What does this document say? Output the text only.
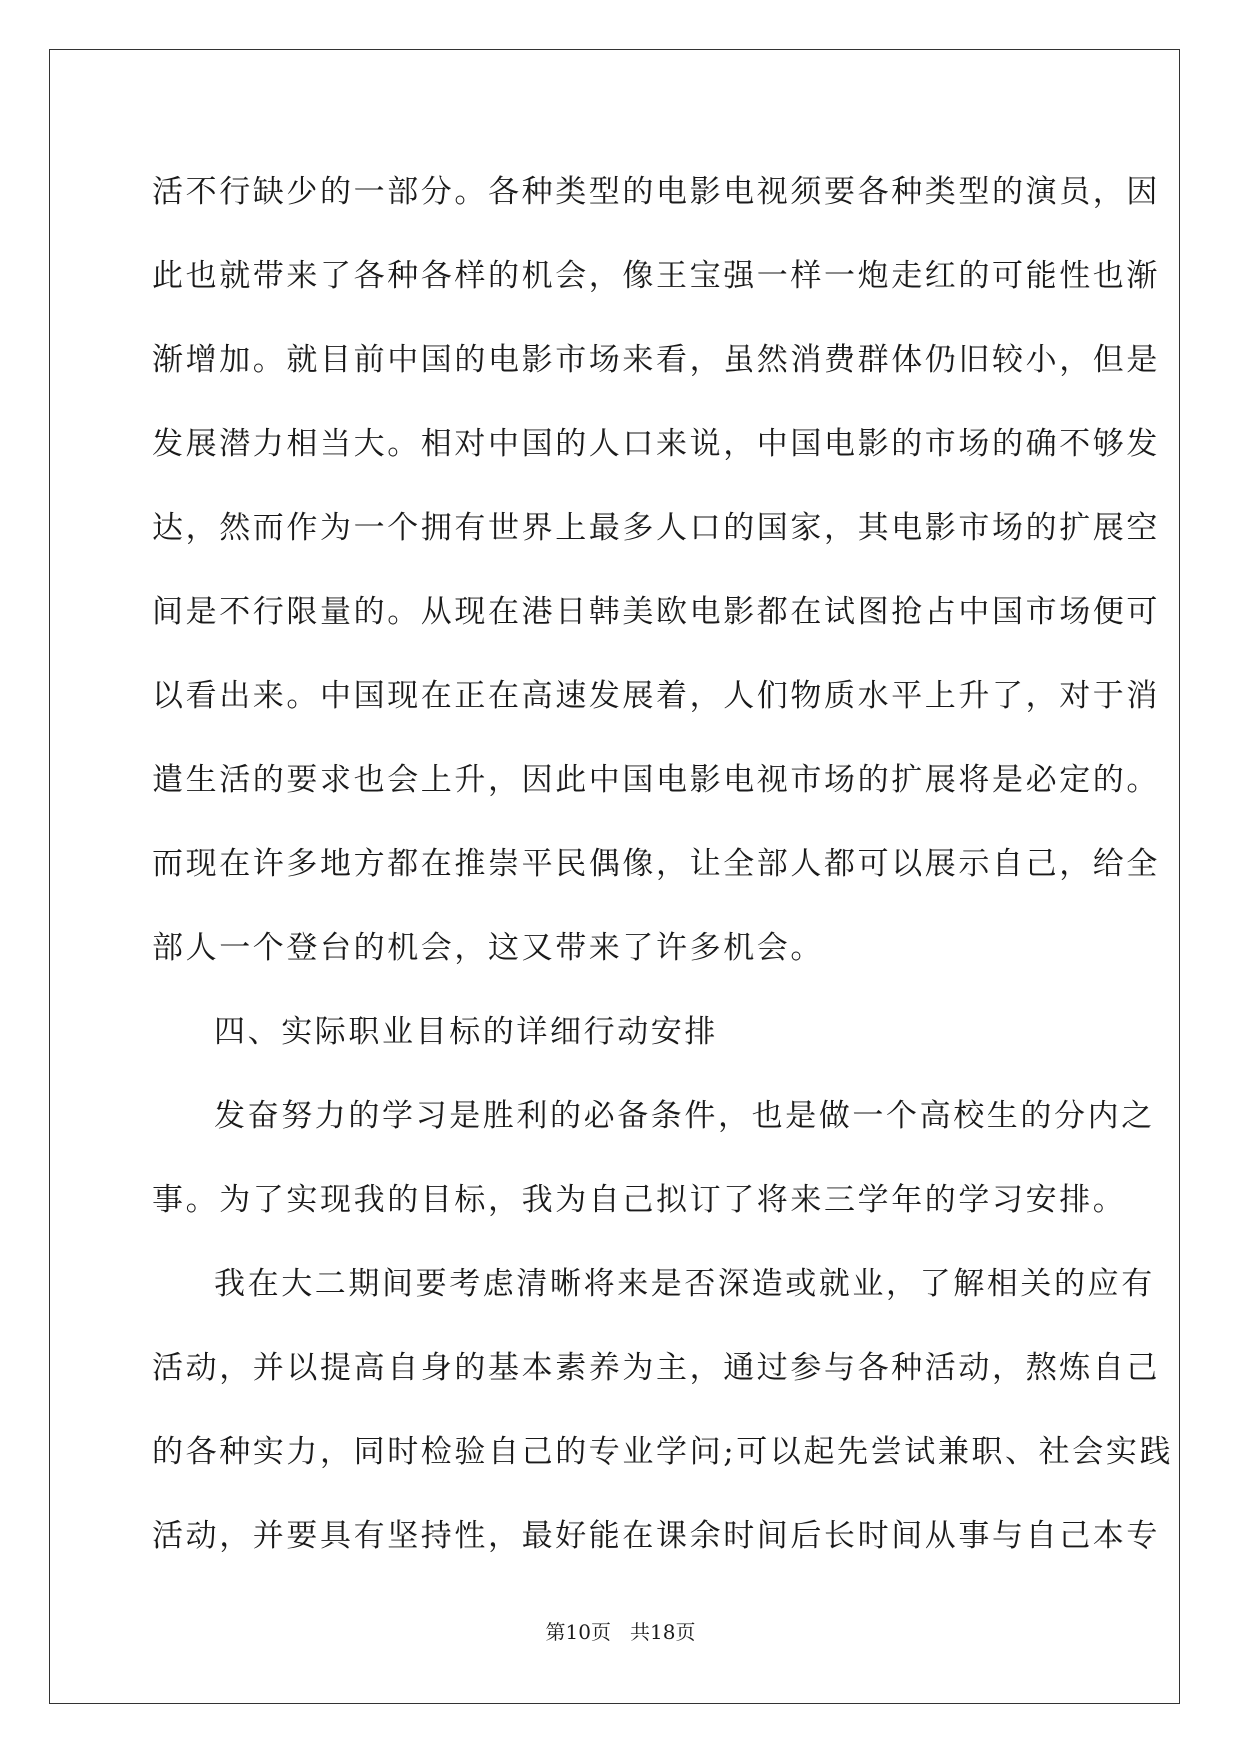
活不行缺少的一部分。各种类型的电影电视须要各种类型的演员，因
此也就带来了各种各样的机会，像王宝强一样一炮走红的可能性也渐
渐增加。就目前中国的电影市场来看，虽然消费群体仍旧较小，但是
发展潜力相当大。相对中国的人口来说，中国电影的市场的确不够发
达，然而作为一个拥有世界上最多人口的国家，其电影市场的扩展空
间是不行限量的。从现在港日韩美欧电影都在试图抢占中国市场便可
以看出来。中国现在正在高速发展着，人们物质水平上升了，对于消
遣生活的要求也会上升，因此中国电影电视市场的扩展将是必定的。
而现在许多地方都在推崇平民偶像，让全部人都可以展示自己，给全
部人一个登台的机会，这又带来了许多机会。
四、实际职业目标的详细行动安排
发奋努力的学习是胜利的必备条件，也是做一个高校生的分内之
事。为了实现我的目标，我为自己拟订了将来三学年的学习安排。
我在大二期间要考虑清晰将来是否深造或就业，了解相关的应有
活动，并以提高自身的基本素养为主，通过参与各种活动，熬炼自己
的各种实力，同时检验自己的专业学问;可以起先尝试兼职、社会实践
活动，并要具有坚持性，最好能在课余时间后长时间从事与自己本专
第10页 共18页
